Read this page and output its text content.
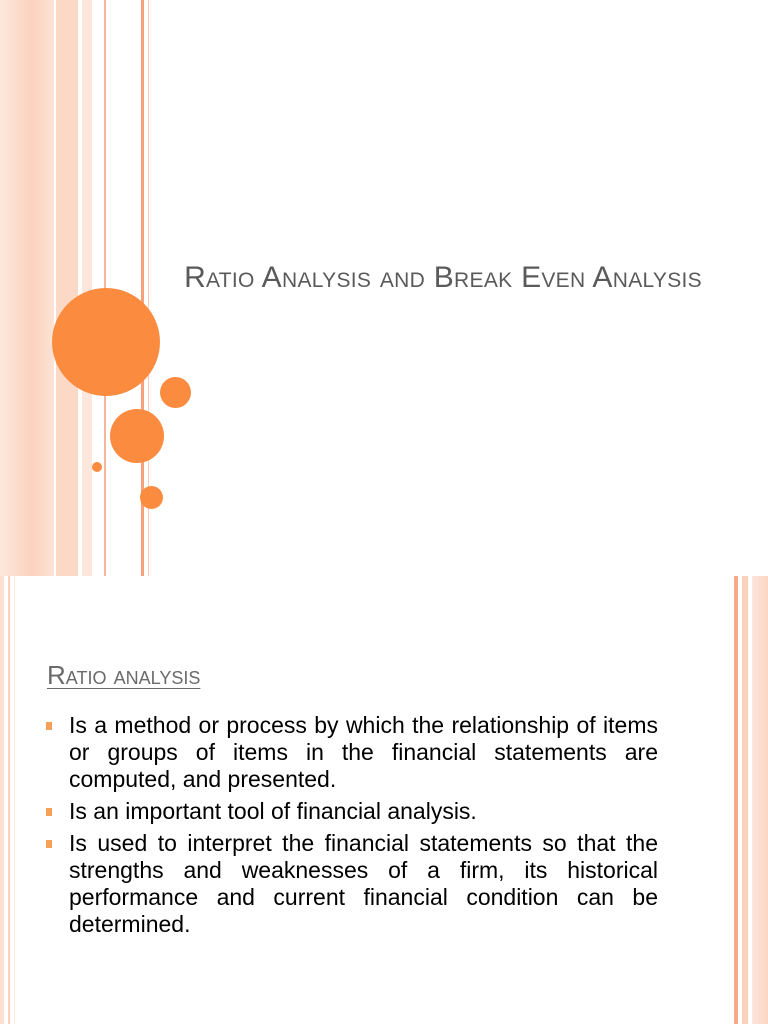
Ratio Analysis and Break Even Analysis
Ratio analysis
Is a method or process by which the relationship of items or groups of items in the financial statements are computed, and presented.
Is an important tool of financial analysis.
Is used to interpret the financial statements so that the strengths and weaknesses of a firm, its historical performance and current financial condition can be determined.
